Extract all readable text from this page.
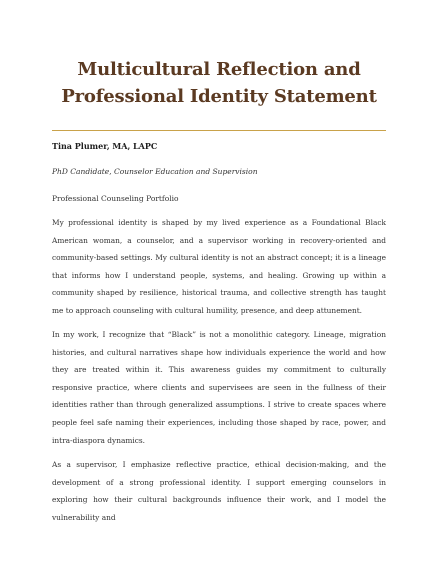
Multicultural Reflection and
Professional Identity Statement

Tina Plumer, MA, LAPC

PhD Candidate, Counselor Education and Supervision

Professional Counseling Portfolio

My professional identity is shaped by my lived experience as a Foundational Black American woman, a counselor, and a supervisor working in recovery-oriented and community-based settings. My cultural identity is not an abstract concept; it is a lineage that informs how I understand people, systems, and healing. Growing up within a community shaped by resilience, historical trauma, and collective strength has taught me to approach counseling with cultural humility, presence, and deep attunement.

In my work, I recognize that “Black” is not a monolithic category. Lineage, migration histories, and cultural narratives shape how individuals experience the world and how they are treated within it. This awareness guides my commitment to culturally responsive practice, where clients and supervisees are seen in the fullness of their identities rather than through generalized assumptions. I strive to create spaces where people feel safe naming their experiences, including those shaped by race, power, and intra-diaspora dynamics.

As a supervisor, I emphasize reflective practice, ethical decision-making, and the development of a strong professional identity. I support emerging counselors in exploring how their cultural backgrounds influence their work, and I model the vulnerability and
